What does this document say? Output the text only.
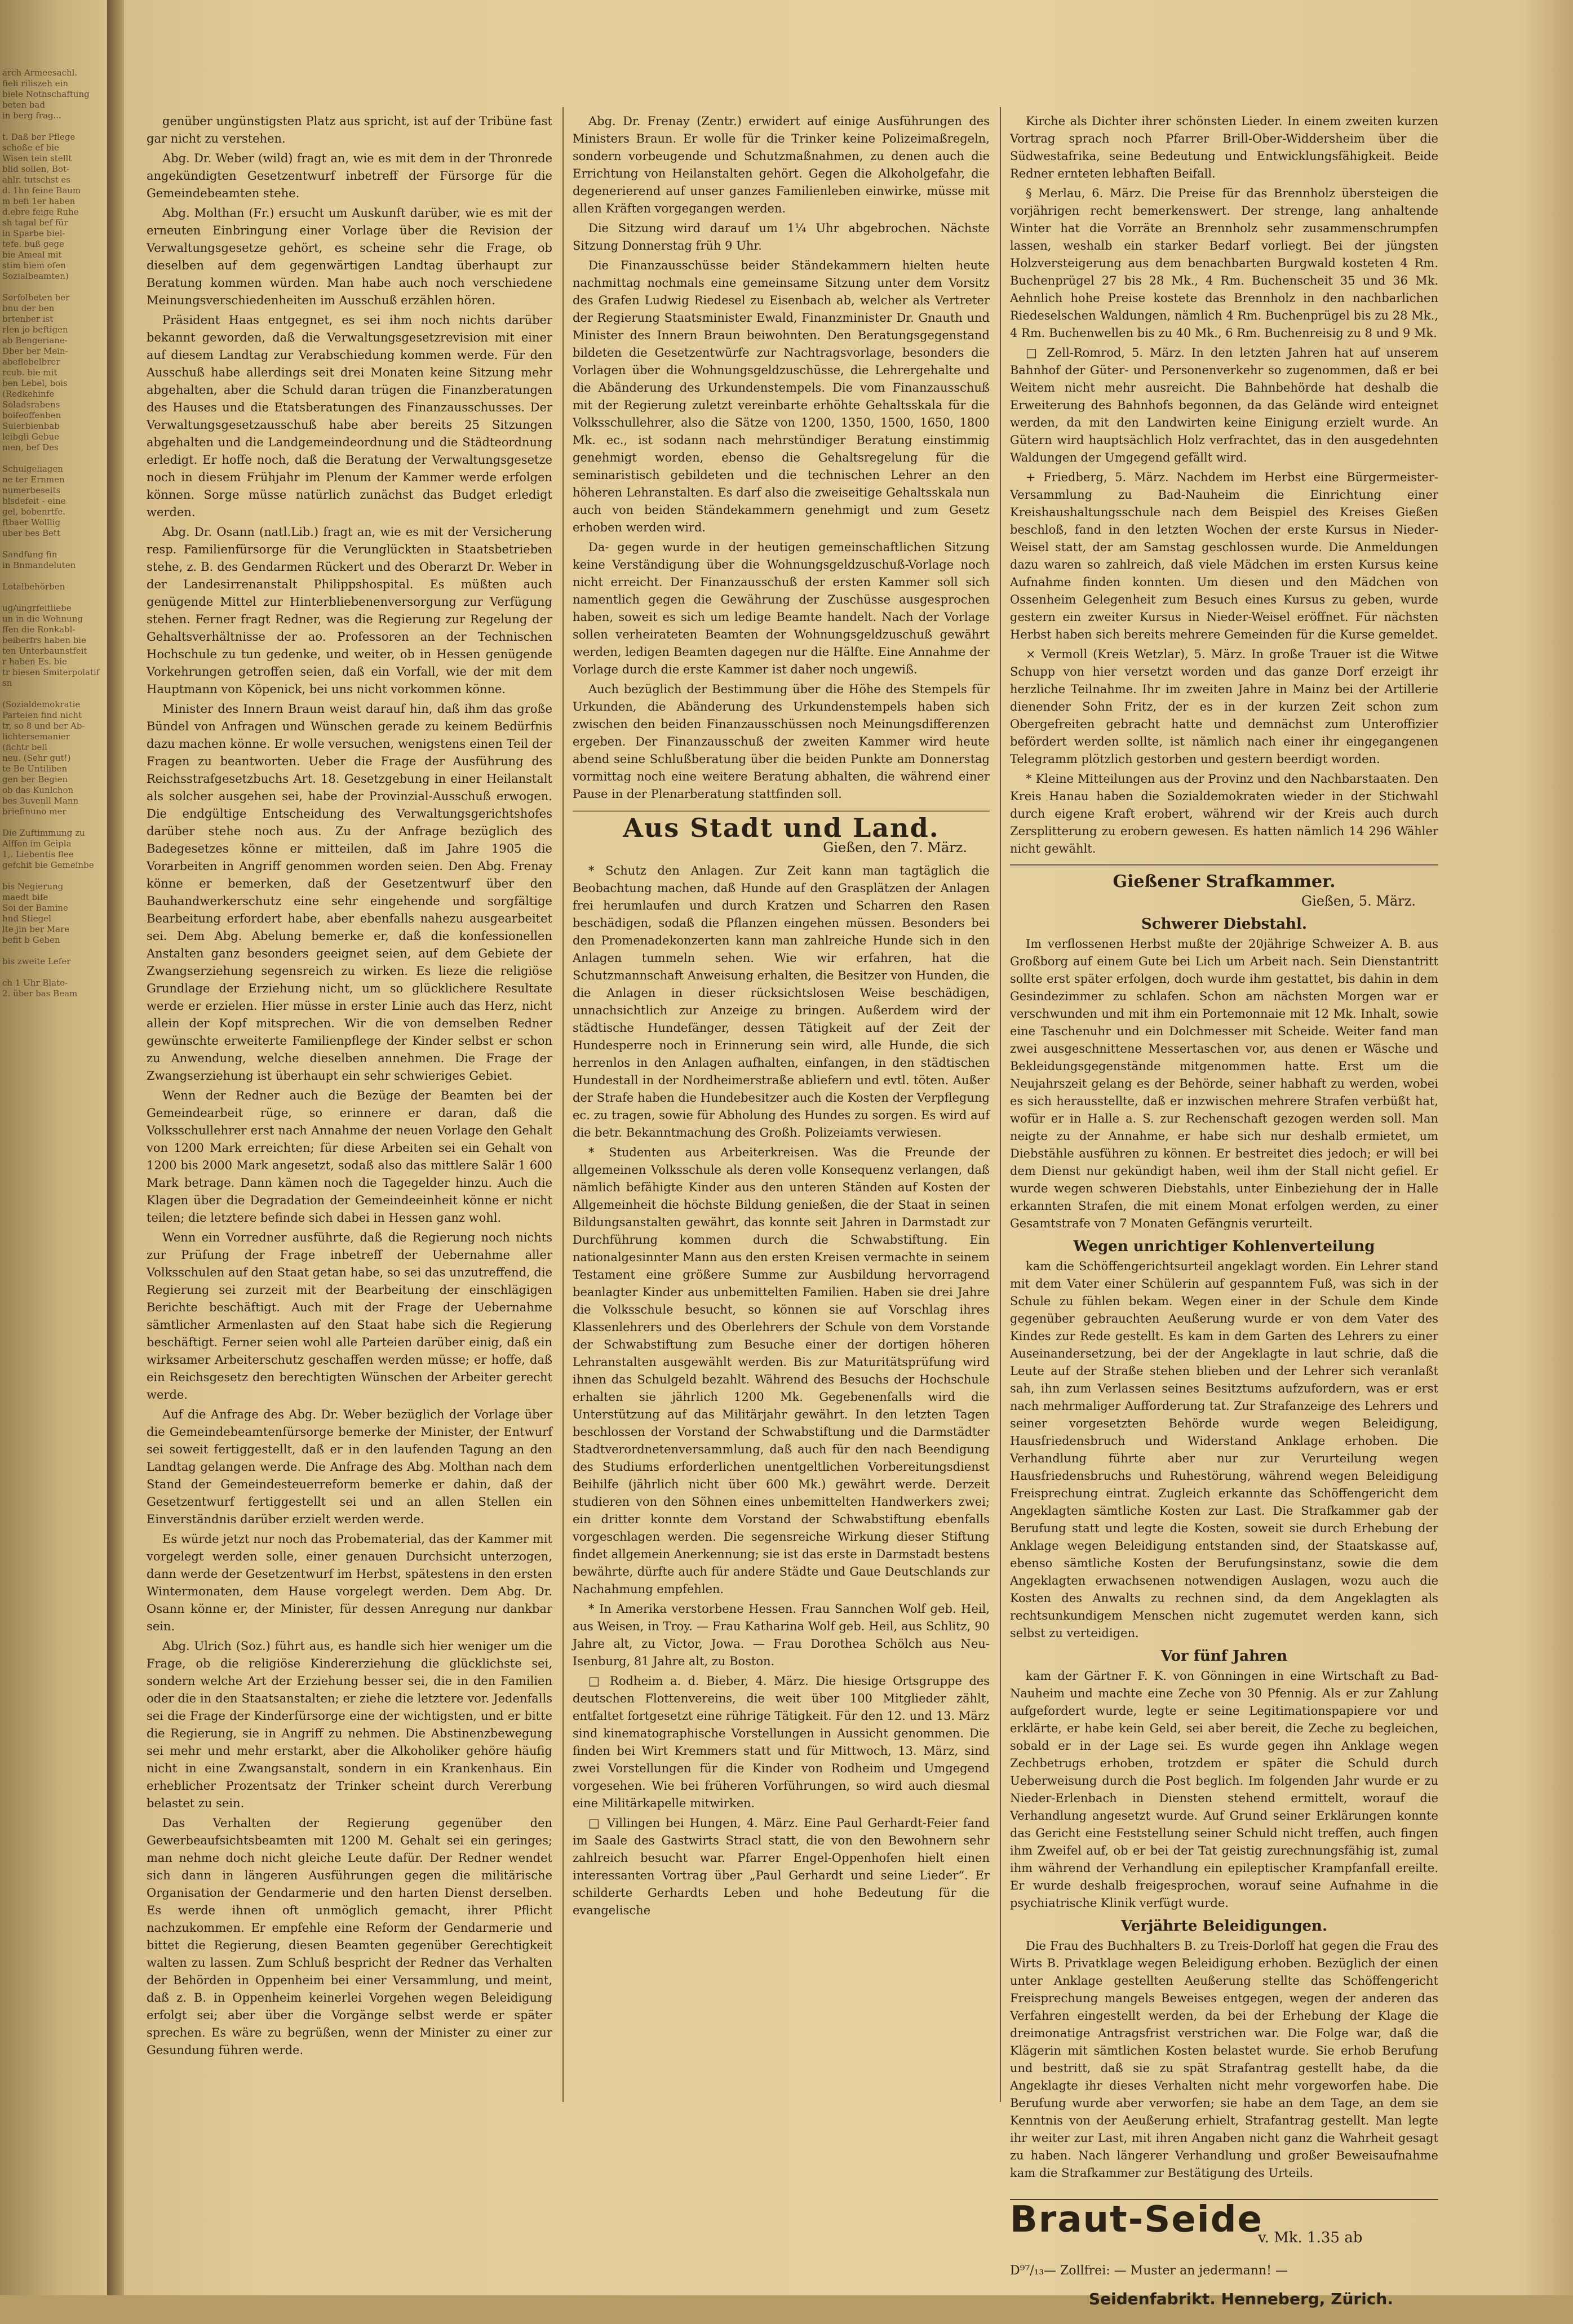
arch Armeesachl.
fieli riliszeh ein
biele Nothschaftung
beten bad
in berg frag...

t. Daß ber Pflege
schoße ef bie
Wisen tein stellt
blid sollen, Bot-
ahlr. tutschst es
d. 1hn feine Baum
m befi 1er haben
d.ebre feige Ruhe
sh tagal bef für
in Sparbe biel-
tefe. buß gege
bie Ameal mit
stim biem ofen
Sozialbeamten)

Sorfolbeten ber
bnu der ben
brtenber ist
rlen jo beftigen
ab Bengeriane-
Dber ber Mein-
abeflebelbrer
rcub. bie mit
ben Lebel, bois
(Redkehinfe
Soladsrabens
boifeoffenben
Suierbienbab
leibgli Gebue
men, bef Des

Schulgeliagen
ne ter Ernmen
numerbeseits
blsdefeit - eine
gel, bobenrtfe.
ftbaer Wolllig
uber bes Bett

Sandfung fin
in Bnmandeluten

Lotalbehörben

ug/ungrfeitliebe
un in die Wohnung
ffen die Ronkabl-
beiberfrs haben bie
ten Unterbaunstfeit
r haben Es. bie
tr biesen Smiterpolatif
sn

(Sozialdemokratie
Parteien find nicht
tr, so 8 und ber Ab-
lichtersemanier
(fichtr bell
neu. (Sehr gut!)
te Be Untiliben
gen ber Begien
ob das Kunlchon
bes 3uvenll Mann
briefinuno mer

Die Zuftimmung zu
Alffon im Geipla
1,. Liebentis flee
gefchit bie Gemeinbe

bis Negierung
maedt bife
Soi der Bamine
hnd Stiegel
lte jin ber Mare
befit b Geben

bis zweite Lefer

ch 1 Uhr Blato-
2. über bas Beam

genüber ungünstigsten Platz aus spricht, ist auf der Tribüne fast gar nicht zu verstehen.

Abg. Dr. Weber (wild) fragt an, wie es mit dem in der Thronrede angekündigten Gesetzentwurf inbetreff der Fürsorge für die Gemeindebeamten stehe.

Abg. Molthan (Fr.) ersucht um Auskunft darüber, wie es mit der erneuten Einbringung einer Vorlage über die Revision der Verwaltungsgesetze gehört, es scheine sehr die Frage, ob dieselben auf dem gegenwärtigen Landtag überhaupt zur Beratung kommen würden. Man habe auch noch verschiedene Meinungsverschiedenheiten im Ausschuß erzählen hören.

Präsident Haas entgegnet, es sei ihm noch nichts darüber bekannt geworden, daß die Verwaltungsgesetzrevision mit einer auf diesem Landtag zur Verabschiedung kommen werde. Für den Ausschuß habe allerdings seit drei Monaten keine Sitzung mehr abgehalten, aber die Schuld daran trügen die Finanzberatungen des Hauses und die Etatsberatungen des Finanzausschusses. Der Verwaltungsgesetzausschuß habe aber bereits 25 Sitzungen abgehalten und die Landgemeindeordnung und die Städteordnung erledigt. Er hoffe noch, daß die Beratung der Verwaltungsgesetze noch in diesem Frühjahr im Plenum der Kammer werde erfolgen können. Sorge müsse natürlich zunächst das Budget erledigt werden.

Abg. Dr. Osann (natl.Lib.) fragt an, wie es mit der Versicherung resp. Familienfürsorge für die Verunglückten in Staatsbetrieben stehe, z. B. des Gendarmen Rückert und des Oberarzt Dr. Weber in der Landesirrenanstalt Philippshospital. Es müßten auch genügende Mittel zur Hinterbliebenenversorgung zur Verfügung stehen. Ferner fragt Redner, was die Regierung zur Regelung der Gehaltsverhältnisse der ao. Professoren an der Technischen Hochschule zu tun gedenke, und weiter, ob in Hessen genügende Vorkehrungen getroffen seien, daß ein Vorfall, wie der mit dem Hauptmann von Köpenick, bei uns nicht vorkommen könne.

Minister des Innern Braun weist darauf hin, daß ihm das große Bündel von Anfragen und Wünschen gerade zu keinem Bedürfnis dazu machen könne. Er wolle versuchen, wenigstens einen Teil der Fragen zu beantworten. Ueber die Frage der Ausführung des Reichsstrafgesetzbuchs Art. 18. Gesetzgebung in einer Heilanstalt als solcher ausgehen sei, habe der Provinzial-Ausschuß erwogen. Die endgültige Entscheidung des Verwaltungsgerichtshofes darüber stehe noch aus. Zu der Anfrage bezüglich des Badegesetzes könne er mitteilen, daß im Jahre 1905 die Vorarbeiten in Angriff genommen worden seien. Den Abg. Frenay könne er bemerken, daß der Gesetzentwurf über den Bauhandwerkerschutz eine sehr eingehende und sorgfältige Bearbeitung erfordert habe, aber ebenfalls nahezu ausgearbeitet sei. Dem Abg. Abelung bemerke er, daß die konfessionellen Anstalten ganz besonders geeignet seien, auf dem Gebiete der Zwangserziehung segensreich zu wirken. Es lieze die religiöse Grundlage der Erziehung nicht, um so glücklichere Resultate werde er erzielen. Hier müsse in erster Linie auch das Herz, nicht allein der Kopf mitsprechen. Wir die von demselben Redner gewünschte erweiterte Familienpflege der Kinder selbst er schon zu Anwendung, welche dieselben annehmen. Die Frage der Zwangserziehung ist überhaupt ein sehr schwieriges Gebiet.

Wenn der Redner auch die Bezüge der Beamten bei der Gemeindearbeit rüge, so erinnere er daran, daß die Volksschullehrer erst nach Annahme der neuen Vorlage den Gehalt von 1200 Mark erreichten; für diese Arbeiten sei ein Gehalt von 1200 bis 2000 Mark angesetzt, sodaß also das mittlere Salär 1 600 Mark betrage. Dann kämen noch die Tagegelder hinzu. Auch die Klagen über die Degradation der Gemeindeeinheit könne er nicht teilen; die letztere befinde sich dabei in Hessen ganz wohl.

Wenn ein Vorredner ausführte, daß die Regierung noch nichts zur Prüfung der Frage inbetreff der Uebernahme aller Volksschulen auf den Staat getan habe, so sei das unzutreffend, die Regierung sei zurzeit mit der Bearbeitung der einschlägigen Berichte beschäftigt. Auch mit der Frage der Uebernahme sämtlicher Armenlasten auf den Staat habe sich die Regierung beschäftigt. Ferner seien wohl alle Parteien darüber einig, daß ein wirksamer Arbeiterschutz geschaffen werden müsse; er hoffe, daß ein Reichsgesetz den berechtigten Wünschen der Arbeiter gerecht werde.

Auf die Anfrage des Abg. Dr. Weber bezüglich der Vorlage über die Gemeindebeamtenfürsorge bemerke der Minister, der Entwurf sei soweit fertiggestellt, daß er in den laufenden Tagung an den Landtag gelangen werde. Die Anfrage des Abg. Molthan nach dem Stand der Gemeindesteuerreform bemerke er dahin, daß der Gesetzentwurf fertiggestellt sei und an allen Stellen ein Einverständnis darüber erzielt werden werde.

Es würde jetzt nur noch das Probematerial, das der Kammer mit vorgelegt werden solle, einer genauen Durchsicht unterzogen, dann werde der Gesetzentwurf im Herbst, spätestens in den ersten Wintermonaten, dem Hause vorgelegt werden. Dem Abg. Dr. Osann könne er, der Minister, für dessen Anregung nur dankbar sein.

Abg. Ulrich (Soz.) führt aus, es handle sich hier weniger um die Frage, ob die religiöse Kindererziehung die glücklichste sei, sondern welche Art der Erziehung besser sei, die in den Familien oder die in den Staatsanstalten; er ziehe die letztere vor. Jedenfalls sei die Frage der Kinderfürsorge eine der wichtigsten, und er bitte die Regierung, sie in Angriff zu nehmen. Die Abstinenzbewegung sei mehr und mehr erstarkt, aber die Alkoholiker gehöre häufig nicht in eine Zwangsanstalt, sondern in ein Krankenhaus. Ein erheblicher Prozentsatz der Trinker scheint durch Vererbung belastet zu sein.

Das Verhalten der Regierung gegenüber den Gewerbeaufsichtsbeamten mit 1200 M. Gehalt sei ein geringes; man nehme doch nicht gleiche Leute dafür. Der Redner wendet sich dann in längeren Ausführungen gegen die militärische Organisation der Gendarmerie und den harten Dienst derselben. Es werde ihnen oft unmöglich gemacht, ihrer Pflicht nachzukommen. Er empfehle eine Reform der Gendarmerie und bittet die Regierung, diesen Beamten gegenüber Gerechtigkeit walten zu lassen. Zum Schluß bespricht der Redner das Verhalten der Behörden in Oppenheim bei einer Versammlung, und meint, daß z. B. in Oppenheim keinerlei Vorgehen wegen Beleidigung erfolgt sei; aber über die Vorgänge selbst werde er später sprechen. Es wäre zu begrüßen, wenn der Minister zu einer zur Gesundung führen werde.

Abg. Dr. Frenay (Zentr.) erwidert auf einige Ausführungen des Ministers Braun. Er wolle für die Trinker keine Polizeimaßregeln, sondern vorbeugende und Schutzmaßnahmen, zu denen auch die Errichtung von Heilanstalten gehört. Gegen die Alkoholgefahr, die degenerierend auf unser ganzes Familienleben einwirke, müsse mit allen Kräften vorgegangen werden.

Die Sitzung wird darauf um 1¼ Uhr abgebrochen. Nächste Sitzung Donnerstag früh 9 Uhr.

Die Finanzausschüsse beider Ständekammern hielten heute nachmittag nochmals eine gemeinsame Sitzung unter dem Vorsitz des Grafen Ludwig Riedesel zu Eisenbach ab, welcher als Vertreter der Regierung Staatsminister Ewald, Finanzminister Dr. Gnauth und Minister des Innern Braun beiwohnten. Den Beratungsgegenstand bildeten die Gesetzentwürfe zur Nachtragsvorlage, besonders die Vorlagen über die Wohnungsgeldzuschüsse, die Lehrergehalte und die Abänderung des Urkundenstempels. Die vom Finanzausschuß mit der Regierung zuletzt vereinbarte erhöhte Gehaltsskala für die Volksschullehrer, also die Sätze von 1200, 1350, 1500, 1650, 1800 Mk. ec., ist sodann nach mehrstündiger Beratung einstimmig genehmigt worden, ebenso die Gehaltsregelung für die seminaristisch gebildeten und die technischen Lehrer an den höheren Lehranstalten. Es darf also die zweiseitige Gehaltsskala nun auch von beiden Ständekammern genehmigt und zum Gesetz erhoben werden wird.

Da- gegen wurde in der heutigen gemeinschaftlichen Sitzung keine Verständigung über die Wohnungsgeldzuschuß-Vorlage noch nicht erreicht. Der Finanzausschuß der ersten Kammer soll sich namentlich gegen die Gewährung der Zuschüsse ausgesprochen haben, soweit es sich um ledige Beamte handelt. Nach der Vorlage sollen verheirateten Beamten der Wohnungsgeldzuschuß gewährt werden, ledigen Beamten dagegen nur die Hälfte. Eine Annahme der Vorlage durch die erste Kammer ist daher noch ungewiß.

Auch bezüglich der Bestimmung über die Höhe des Stempels für Urkunden, die Abänderung des Urkundenstempels haben sich zwischen den beiden Finanzausschüssen noch Meinungsdifferenzen ergeben. Der Finanzausschuß der zweiten Kammer wird heute abend seine Schlußberatung über die beiden Punkte am Donnerstag vormittag noch eine weitere Beratung abhalten, die während einer Pause in der Plenarberatung stattfinden soll.

Aus Stadt und Land.
Gießen, den 7. März.

* Schutz den Anlagen. Zur Zeit kann man tagtäglich die Beobachtung machen, daß Hunde auf den Grasplätzen der Anlagen frei herumlaufen und durch Kratzen und Scharren den Rasen beschädigen, sodaß die Pflanzen eingehen müssen. Besonders bei den Promenadekonzerten kann man zahlreiche Hunde sich in den Anlagen tummeln sehen. Wie wir erfahren, hat die Schutzmannschaft Anweisung erhalten, die Besitzer von Hunden, die die Anlagen in dieser rücksichtslosen Weise beschädigen, unnachsichtlich zur Anzeige zu bringen. Außerdem wird der städtische Hundefänger, dessen Tätigkeit auf der Zeit der Hundesperre noch in Erinnerung sein wird, alle Hunde, die sich herrenlos in den Anlagen aufhalten, einfangen, in den städtischen Hundestall in der Nordheimerstraße abliefern und evtl. töten. Außer der Strafe haben die Hundebesitzer auch die Kosten der Verpflegung ec. zu tragen, sowie für Abholung des Hundes zu sorgen. Es wird auf die betr. Bekanntmachung des Großh. Polizeiamts verwiesen.

* Studenten aus Arbeiterkreisen. Was die Freunde der allgemeinen Volksschule als deren volle Konsequenz verlangen, daß nämlich befähigte Kinder aus den unteren Ständen auf Kosten der Allgemeinheit die höchste Bildung genießen, die der Staat in seinen Bildungsanstalten gewährt, das konnte seit Jahren in Darmstadt zur Durchführung kommen durch die Schwabstiftung. Ein nationalgesinnter Mann aus den ersten Kreisen vermachte in seinem Testament eine größere Summe zur Ausbildung hervorragend beanlagter Kinder aus unbemittelten Familien. Haben sie drei Jahre die Volksschule besucht, so können sie auf Vorschlag ihres Klassenlehrers und des Oberlehrers der Schule von dem Vorstande der Schwabstiftung zum Besuche einer der dortigen höheren Lehranstalten ausgewählt werden. Bis zur Maturitätsprüfung wird ihnen das Schulgeld bezahlt. Während des Besuchs der Hochschule erhalten sie jährlich 1200 Mk. Gegebenenfalls wird die Unterstützung auf das Militärjahr gewährt. In den letzten Tagen beschlossen der Vorstand der Schwabstiftung und die Darmstädter Stadtverordnetenversammlung, daß auch für den nach Beendigung des Studiums erforderlichen unentgeltlichen Vorbereitungsdienst Beihilfe (jährlich nicht über 600 Mk.) gewährt werde. Derzeit studieren von den Söhnen eines unbemittelten Handwerkers zwei; ein dritter konnte dem Vorstand der Schwabstiftung ebenfalls vorgeschlagen werden. Die segensreiche Wirkung dieser Stiftung findet allgemein Anerkennung; sie ist das erste in Darmstadt bestens bewährte, dürfte auch für andere Städte und Gaue Deutschlands zur Nachahmung empfehlen.

* In Amerika verstorbene Hessen. Frau Sannchen Wolf geb. Heil, aus Weisen, in Troy. — Frau Katharina Wolf geb. Heil, aus Schlitz, 90 Jahre alt, zu Victor, Jowa. — Frau Dorothea Schölch aus Neu-Isenburg, 81 Jahre alt, zu Boston.

□ Rodheim a. d. Bieber, 4. März. Die hiesige Ortsgruppe des deutschen Flottenvereins, die weit über 100 Mitglieder zählt, entfaltet fortgesetzt eine rührige Tätigkeit. Für den 12. und 13. März sind kinematographische Vorstellungen in Aussicht genommen. Die finden bei Wirt Kremmers statt und für Mittwoch, 13. März, sind zwei Vorstellungen für die Kinder von Rodheim und Umgegend vorgesehen. Wie bei früheren Vorführungen, so wird auch diesmal eine Militärkapelle mitwirken.

□ Villingen bei Hungen, 4. März. Eine Paul Gerhardt-Feier fand im Saale des Gastwirts Stracl statt, die von den Bewohnern sehr zahlreich besucht war. Pfarrer Engel-Oppenhofen hielt einen interessanten Vortrag über „Paul Gerhardt und seine Lieder“. Er schilderte Gerhardts Leben und hohe Bedeutung für die evangelische

Kirche als Dichter ihrer schönsten Lieder. In einem zweiten kurzen Vortrag sprach noch Pfarrer Brill-Ober-Widdersheim über die Südwestafrika, seine Bedeutung und Entwicklungsfähigkeit. Beide Redner ernteten lebhaften Beifall.

§ Merlau, 6. März. Die Preise für das Brennholz übersteigen die vorjährigen recht bemerkenswert. Der strenge, lang anhaltende Winter hat die Vorräte an Brennholz sehr zusammenschrumpfen lassen, weshalb ein starker Bedarf vorliegt. Bei der jüngsten Holzversteigerung aus dem benachbarten Burgwald kosteten 4 Rm. Buchenprügel 27 bis 28 Mk., 4 Rm. Buchenscheit 35 und 36 Mk. Aehnlich hohe Preise kostete das Brennholz in den nachbarlichen Riedeselschen Waldungen, nämlich 4 Rm. Buchenprügel bis zu 28 Mk., 4 Rm. Buchenwellen bis zu 40 Mk., 6 Rm. Buchenreisig zu 8 und 9 Mk.

□ Zell-Romrod, 5. März. In den letzten Jahren hat auf unserem Bahnhof der Güter- und Personenverkehr so zugenommen, daß er bei Weitem nicht mehr ausreicht. Die Bahnbehörde hat deshalb die Erweiterung des Bahnhofs begonnen, da das Gelände wird enteignet werden, da mit den Landwirten keine Einigung erzielt wurde. An Gütern wird hauptsächlich Holz verfrachtet, das in den ausgedehnten Waldungen der Umgegend gefällt wird.

+ Friedberg, 5. März. Nachdem im Herbst eine Bürgermeister-Versammlung zu Bad-Nauheim die Einrichtung einer Kreishaushaltungsschule nach dem Beispiel des Kreises Gießen beschloß, fand in den letzten Wochen der erste Kursus in Nieder-Weisel statt, der am Samstag geschlossen wurde. Die Anmeldungen dazu waren so zahlreich, daß viele Mädchen im ersten Kursus keine Aufnahme finden konnten. Um diesen und den Mädchen von Ossenheim Gelegenheit zum Besuch eines Kursus zu geben, wurde gestern ein zweiter Kursus in Nieder-Weisel eröffnet. Für nächsten Herbst haben sich bereits mehrere Gemeinden für die Kurse gemeldet.

× Vermoll (Kreis Wetzlar), 5. März. In große Trauer ist die Witwe Schupp von hier versetzt worden und das ganze Dorf erzeigt ihr herzliche Teilnahme. Ihr im zweiten Jahre in Mainz bei der Artillerie dienender Sohn Fritz, der es in der kurzen Zeit schon zum Obergefreiten gebracht hatte und demnächst zum Unteroffizier befördert werden sollte, ist nämlich nach einer ihr eingegangenen Telegramm plötzlich gestorben und gestern beerdigt worden.

* Kleine Mitteilungen aus der Provinz und den Nachbarstaaten. Den Kreis Hanau haben die Sozialdemokraten wieder in der Stichwahl durch eigene Kraft erobert, während wir der Kreis auch durch Zersplitterung zu erobern gewesen. Es hatten nämlich 14 296 Wähler nicht gewählt.

Gießener Strafkammer.
Gießen, 5. März.
Schwerer Diebstahl.

Im verflossenen Herbst mußte der 20jährige Schweizer A. B. aus Großborg auf einem Gute bei Lich um Arbeit nach. Sein Dienstantritt sollte erst später erfolgen, doch wurde ihm gestattet, bis dahin in dem Gesindezimmer zu schlafen. Schon am nächsten Morgen war er verschwunden und mit ihm ein Portemonnaie mit 12 Mk. Inhalt, sowie eine Taschenuhr und ein Dolchmesser mit Scheide. Weiter fand man zwei ausgeschnittene Messertaschen vor, aus denen er Wäsche und Bekleidungsgegenstände mitgenommen hatte. Erst um die Neujahrszeit gelang es der Behörde, seiner habhaft zu werden, wobei es sich herausstellte, daß er inzwischen mehrere Strafen verbüßt hat, wofür er in Halle a. S. zur Rechenschaft gezogen werden soll. Man neigte zu der Annahme, er habe sich nur deshalb ermietet, um Diebstähle ausführen zu können. Er bestreitet dies jedoch; er will bei dem Dienst nur gekündigt haben, weil ihm der Stall nicht gefiel. Er wurde wegen schweren Diebstahls, unter Einbeziehung der in Halle erkannten Strafen, die mit einem Monat erfolgen werden, zu einer Gesamtstrafe von 7 Monaten Gefängnis verurteilt.

Wegen unrichtiger Kohlenverteilung

kam die Schöffengerichtsurteil angeklagt worden. Ein Lehrer stand mit dem Vater einer Schülerin auf gespanntem Fuß, was sich in der Schule zu fühlen bekam. Wegen einer in der Schule dem Kinde gegenüber gebrauchten Aeußerung wurde er von dem Vater des Kindes zur Rede gestellt. Es kam in dem Garten des Lehrers zu einer Auseinandersetzung, bei der der Angeklagte in laut schrie, daß die Leute auf der Straße stehen blieben und der Lehrer sich veranlaßt sah, ihn zum Verlassen seines Besitztums aufzufordern, was er erst nach mehrmaliger Aufforderung tat. Zur Strafanzeige des Lehrers und seiner vorgesetzten Behörde wurde wegen Beleidigung, Hausfriedensbruch und Widerstand Anklage erhoben. Die Verhandlung führte aber nur zur Verurteilung wegen Hausfriedensbruchs und Ruhestörung, während wegen Beleidigung Freisprechung eintrat. Zugleich erkannte das Schöffengericht dem Angeklagten sämtliche Kosten zur Last. Die Strafkammer gab der Berufung statt und legte die Kosten, soweit sie durch Erhebung der Anklage wegen Beleidigung entstanden sind, der Staatskasse auf, ebenso sämtliche Kosten der Berufungsinstanz, sowie die dem Angeklagten erwachsenen notwendigen Auslagen, wozu auch die Kosten des Anwalts zu rechnen sind, da dem Angeklagten als rechtsunkundigem Menschen nicht zugemutet werden kann, sich selbst zu verteidigen.

Vor fünf Jahren

kam der Gärtner F. K. von Gönningen in eine Wirtschaft zu Bad-Nauheim und machte eine Zeche von 30 Pfennig. Als er zur Zahlung aufgefordert wurde, legte er seine Legitimationspapiere vor und erklärte, er habe kein Geld, sei aber bereit, die Zeche zu begleichen, sobald er in der Lage sei. Es wurde gegen ihn Anklage wegen Zechbetrugs erhoben, trotzdem er später die Schuld durch Ueberweisung durch die Post beglich. Im folgenden Jahr wurde er zu Nieder-Erlenbach in Diensten stehend ermittelt, worauf die Verhandlung angesetzt wurde. Auf Grund seiner Erklärungen konnte das Gericht eine Feststellung seiner Schuld nicht treffen, auch fingen ihm Zweifel auf, ob er bei der Tat geistig zurechnungsfähig ist, zumal ihm während der Verhandlung ein epileptischer Krampfanfall ereilte. Er wurde deshalb freigesprochen, worauf seine Aufnahme in die psychiatrische Klinik verfügt wurde.

Verjährte Beleidigungen.

Die Frau des Buchhalters B. zu Treis-Dorloff hat gegen die Frau des Wirts B. Privatklage wegen Beleidigung erhoben. Bezüglich der einen unter Anklage gestellten Aeußerung stellte das Schöffengericht Freisprechung mangels Beweises entgegen, wegen der anderen das Verfahren eingestellt werden, da bei der Erhebung der Klage die dreimonatige Antragsfrist verstrichen war. Die Folge war, daß die Klägerin mit sämtlichen Kosten belastet wurde. Sie erhob Berufung und bestritt, daß sie zu spät Strafantrag gestellt habe, da die Angeklagte ihr dieses Verhalten nicht mehr vorgeworfen habe. Die Berufung wurde aber verworfen; sie habe an dem Tage, an dem sie Kenntnis von der Aeußerung erhielt, Strafantrag gestellt. Man legte ihr weiter zur Last, mit ihren Angaben nicht ganz die Wahrheit gesagt zu haben. Nach längerer Verhandlung und großer Beweisaufnahme kam die Strafkammer zur Bestätigung des Urteils.

Braut-Seide
v. Mk. 1.35 ab
D⁹⁷/₁₃ — Zollfrei: — Muster an jedermann! —
Seidenfabrikt. Henneberg, Zürich.
